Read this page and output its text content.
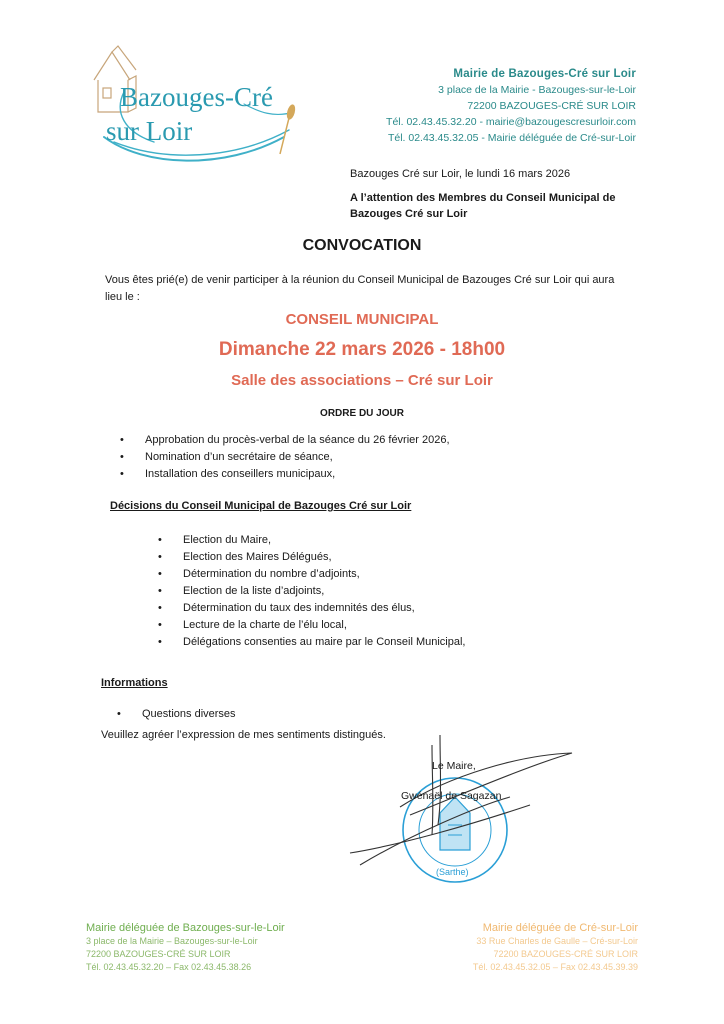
Bazouges-Cré
sur Loir
Mairie de Bazouges-Cré sur Loir
3 place de la Mairie - Bazouges-sur-le-Loir
72200 BAZOUGES-CRÉ SUR LOIR
Tél. 02.43.45.32.20 - mairie@bazougescresurloir.com
Tél. 02.43.45.32.05 - Mairie déléguée de Cré-sur-Loir
Bazouges Cré sur Loir, le lundi 16 mars 2026
A l’attention des Membres du Conseil Municipal de Bazouges Cré sur Loir
CONVOCATION
Vous êtes prié(e) de venir participer à la réunion du Conseil Municipal de Bazouges Cré sur Loir qui aura lieu le :
CONSEIL MUNICIPAL
Dimanche 22 mars 2026 - 18h00
Salle des associations – Cré sur Loir
ORDRE DU JOUR
• Approbation du procès-verbal de la séance du 26 février 2026,
• Nomination d’un secrétaire de séance,
• Installation des conseillers municipaux,
Décisions du Conseil Municipal de Bazouges Cré sur Loir
• Election du Maire,
• Election des Maires Délégués,
• Détermination du nombre d’adjoints,
• Election de la liste d’adjoints,
• Détermination du taux des indemnités des élus,
• Lecture de la charte de l’élu local,
• Délégations consenties au maire par le Conseil Municipal,
Informations
• Questions diverses
Veuillez agréer l’expression de mes sentiments distingués.
(Sarthe)
Le Maire,
Gwénaël de Sagazan
Mairie déléguée de Bazouges-sur-le-Loir
3 place de la Mairie – Bazouges-sur-le-Loir
72200 BAZOUGES-CRÉ SUR LOIR
Tél. 02.43.45.32.20 – Fax 02.43.45.38.26
Mairie déléguée de Cré-sur-Loir
33 Rue Charles de Gaulle – Cré-sur-Loir
72200 BAZOUGES-CRÉ SUR LOIR
Tél. 02.43.45.32.05 – Fax 02.43.45.39.39
